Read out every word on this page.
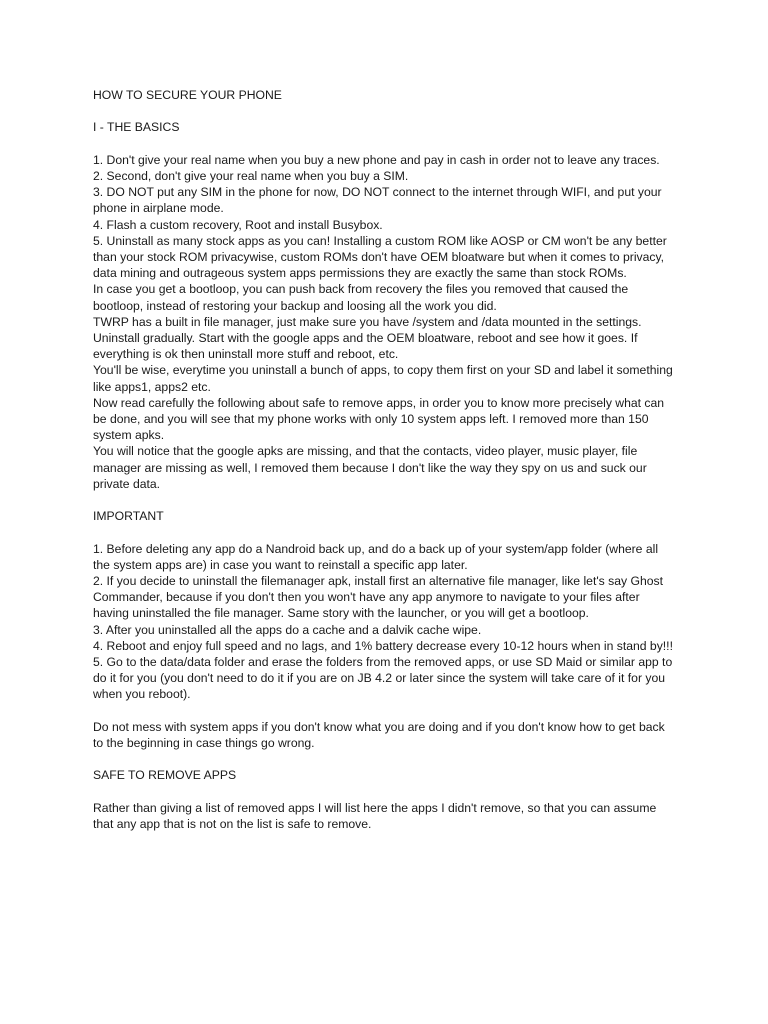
HOW TO SECURE YOUR PHONE

I - THE BASICS

1. Don't give your real name when you buy a new phone and pay in cash in order not to leave any traces.

2. Second, don't give your real name when you buy a SIM.

3. DO NOT put any SIM in the phone for now, DO NOT connect to the internet through WIFI, and put your phone in airplane mode.

4. Flash a custom recovery, Root and install Busybox.

5. Uninstall as many stock apps as you can! Installing a custom ROM like AOSP or CM won't be any better than your stock ROM privacywise, custom ROMs don't have OEM bloatware but when it comes to privacy, data mining and outrageous system apps permissions they are exactly the same than stock ROMs.

In case you get a bootloop, you can push back from recovery the files you removed that caused the bootloop, instead of restoring your backup and loosing all the work you did.

TWRP has a built in file manager, just make sure you have /system and /data mounted in the settings.

Uninstall gradually. Start with the google apps and the OEM bloatware, reboot and see how it goes. If everything is ok then uninstall more stuff and reboot, etc.

You'll be wise, everytime you uninstall a bunch of apps, to copy them first on your SD and label it something like apps1, apps2 etc.

Now read carefully the following about safe to remove apps, in order you to know more precisely what can be done, and you will see that my phone works with only 10 system apps left. I removed more than 150 system apks.

You will notice that the google apks are missing, and that the contacts, video player, music player, file manager are missing as well, I removed them because I don't like the way they spy on us and suck our private data.

IMPORTANT

1. Before deleting any app do a Nandroid back up, and do a back up of your system/app folder (where all the system apps are) in case you want to reinstall a specific app later.

2. If you decide to uninstall the filemanager apk, install first an alternative file manager, like let's say Ghost Commander, because if you don't then you won't have any app anymore to navigate to your files after having uninstalled the file manager. Same story with the launcher, or you will get a bootloop.

3. After you uninstalled all the apps do a cache and a dalvik cache wipe.

4. Reboot and enjoy full speed and no lags, and 1% battery decrease every 10-12 hours when in stand by!!!

5. Go to the data/data folder and erase the folders from the removed apps, or use SD Maid or similar app to do it for you (you don't need to do it if you are on JB 4.2 or later since the system will take care of it for you when you reboot).

Do not mess with system apps if you don't know what you are doing and if you don't know how to get back to the beginning in case things go wrong.

SAFE TO REMOVE APPS

Rather than giving a list of removed apps I will list here the apps I didn't remove, so that you can assume that any app that is not on the list is safe to remove.
